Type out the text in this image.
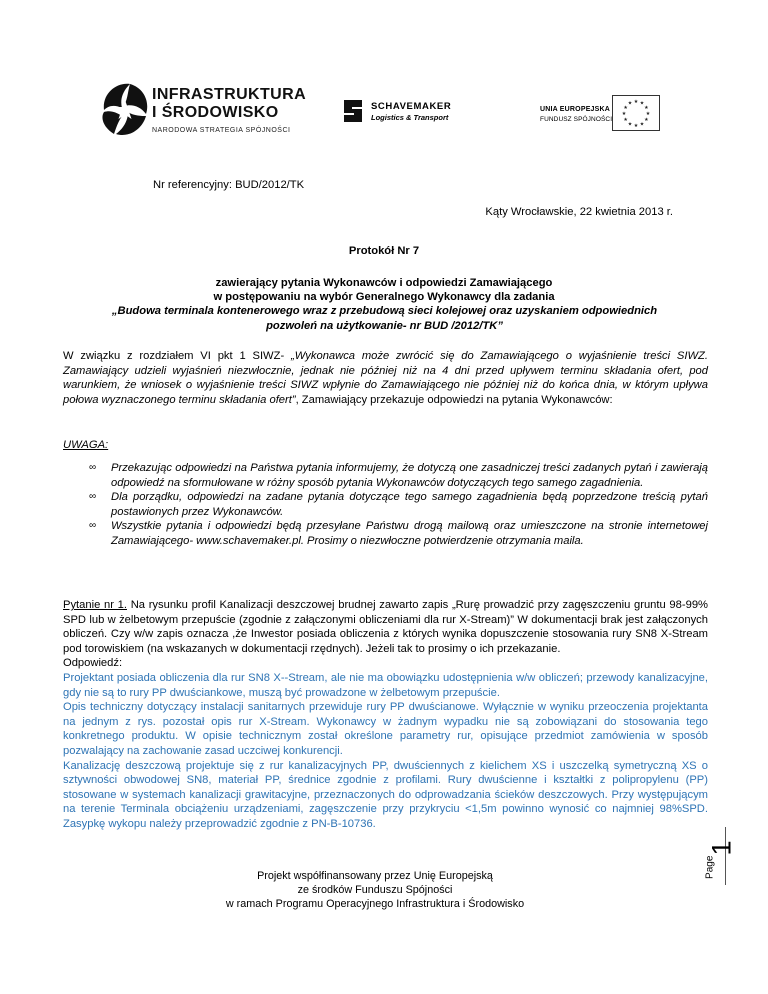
INFRASTRUKTURA
I ŚRODOWISKO
NARODOWA STRATEGIA SPÓJNOŚCI
SCHAVEMAKER
Logistics & Transport
UNIA EUROPEJSKA
FUNDUSZ SPÓJNOŚCI
★ ★
★
★
★
★
★
★
★
★
★
★
Nr referencyjny: BUD/2012/TK
Kąty Wrocławskie, 22 kwietnia 2013 r.
Protokół Nr 7
zawierający pytania Wykonawców i odpowiedzi Zamawiającego
w postępowaniu na wybór Generalnego Wykonawcy dla zadania
„Budowa terminala kontenerowego wraz z przebudową sieci kolejowej oraz uzyskaniem odpowiednich pozwoleń na użytkowanie- nr BUD /2012/TK”
W związku z rozdziałem VI pkt 1 SIWZ- „Wykonawca może zwrócić się do Zamawiającego o wyjaśnienie treści SIWZ. Zamawiający udzieli wyjaśnień niezwłocznie, jednak nie później niż na 4 dni przed upływem terminu składania ofert, pod warunkiem, że wniosek o wyjaśnienie treści SIWZ wpłynie do Zamawiającego nie później niż do końca dnia, w którym upływa połowa wyznaczonego terminu składania ofert”, Zamawiający przekazuje odpowiedzi na pytania Wykonawców:
UWAGA:
∞ Przekazując odpowiedzi na Państwa pytania informujemy, że dotyczą one zasadniczej treści zadanych pytań i zawierają odpowiedź na sformułowane w różny sposób pytania Wykonawców dotyczących tego samego zagadnienia.
∞ Dla porządku, odpowiedzi na zadane pytania dotyczące tego samego zagadnienia będą poprzedzone treścią pytań postawionych przez Wykonawców.
∞ Wszystkie pytania i odpowiedzi będą przesyłane Państwu drogą mailową oraz umieszczone na stronie internetowej Zamawiającego- www.schavemaker.pl. Prosimy o niezwłoczne potwierdzenie otrzymania maila.
Pytanie nr 1. Na rysunku profil Kanalizacji deszczowej brudnej zawarto zapis „Rurę prowadzić przy zagęszczeniu gruntu 98-99% SPD lub w żelbetowym przepuście (zgodnie z załączonymi obliczeniami dla rur X-Stream)” W dokumentacji brak jest załączonych obliczeń. Czy w/w zapis oznacza ,że Inwestor posiada obliczenia z których wynika dopuszczenie stosowania rury SN8 X-Stream pod torowiskiem (na wskazanych w dokumentacji rzędnych). Jeżeli tak to prosimy o ich przekazanie.
Odpowiedź:
Projektant posiada obliczenia dla rur SN8 X--Stream, ale nie ma obowiązku udostępnienia w/w obliczeń; przewody kanalizacyjne, gdy nie są to rury PP dwuściankowe, muszą być prowadzone w żelbetowym przepuście.
Opis techniczny dotyczący instalacji sanitarnych przewiduje rury PP dwuścianowe. Wyłącznie w wyniku przeoczenia projektanta na jednym z rys. pozostał opis rur X-Stream. Wykonawcy w żadnym wypadku nie są zobowiązani do stosowania tego konkretnego produktu. W opisie technicznym został określone parametry rur, opisujące przedmiot zamówienia w sposób pozwalający na zachowanie zasad uczciwej konkurencji.
Kanalizację deszczową projektuje się z rur kanalizacyjnych PP, dwuściennych z kielichem XS i uszczelką symetryczną XS o sztywności obwodowej SN8, materiał PP, średnice zgodnie z profilami. Rury dwuścienne i kształtki z polipropylenu (PP) stosowane w systemach kanalizacji grawitacyjne, przeznaczonych do odprowadzania ścieków deszczowych. Przy występującym na terenie Terminala obciążeniu urządzeniami, zagęszczenie przy przykryciu <1,5m powinno wynosić co najmniej 98%SPD. Zasypkę wykopu należy przeprowadzić zgodnie z PN-B-10736.
Page
1
Projekt współfinansowany przez Unię Europejską
ze środków Funduszu Spójności
w ramach Programu Operacyjnego Infrastruktura i Środowisko
